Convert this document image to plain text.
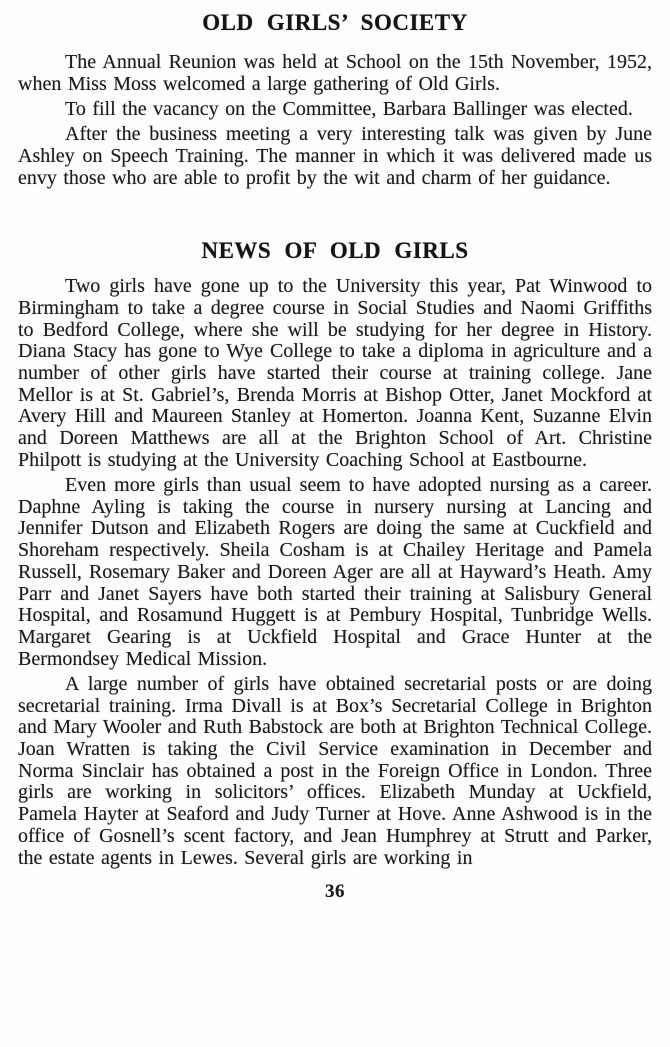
OLD GIRLS’ SOCIETY

The Annual Reunion was held at School on the 15th November, 1952, when Miss Moss welcomed a large gathering of Old Girls.

To fill the vacancy on the Committee, Barbara Ballinger was elected.

After the business meeting a very interesting talk was given by June Ashley on Speech Training. The manner in which it was delivered made us envy those who are able to profit by the wit and charm of her guidance.

NEWS OF OLD GIRLS

Two girls have gone up to the University this year, Pat Winwood to Birmingham to take a degree course in Social Studies and Naomi Griffiths to Bedford College, where she will be studying for her degree in History. Diana Stacy has gone to Wye College to take a diploma in agriculture and a number of other girls have started their course at training college. Jane Mellor is at St. Gabriel’s, Brenda Morris at Bishop Otter, Janet Mockford at Avery Hill and Maureen Stanley at Homerton. Joanna Kent, Suzanne Elvin and Doreen Matthews are all at the Brighton School of Art. Christine Philpott is studying at the University Coaching School at Eastbourne.

Even more girls than usual seem to have adopted nursing as a career. Daphne Ayling is taking the course in nursery nursing at Lancing and Jennifer Dutson and Elizabeth Rogers are doing the same at Cuckfield and Shoreham respectively. Sheila Cosham is at Chailey Heritage and Pamela Russell, Rosemary Baker and Doreen Ager are all at Hayward’s Heath. Amy Parr and Janet Sayers have both started their training at Salisbury General Hospital, and Rosamund Huggett is at Pembury Hospital, Tunbridge Wells. Margaret Gearing is at Uckfield Hospital and Grace Hunter at the Bermondsey Medical Mission.

A large number of girls have obtained secretarial posts or are doing secretarial training. Irma Divall is at Box’s Secretarial College in Brighton and Mary Wooler and Ruth Babstock are both at Brighton Technical College. Joan Wratten is taking the Civil Service examination in December and Norma Sinclair has obtained a post in the Foreign Office in London. Three girls are working in solicitors’ offices. Elizabeth Munday at Uckfield, Pamela Hayter at Seaford and Judy Turner at Hove. Anne Ashwood is in the office of Gosnell’s scent factory, and Jean Humphrey at Strutt and Parker, the estate agents in Lewes. Several girls are working in

36
